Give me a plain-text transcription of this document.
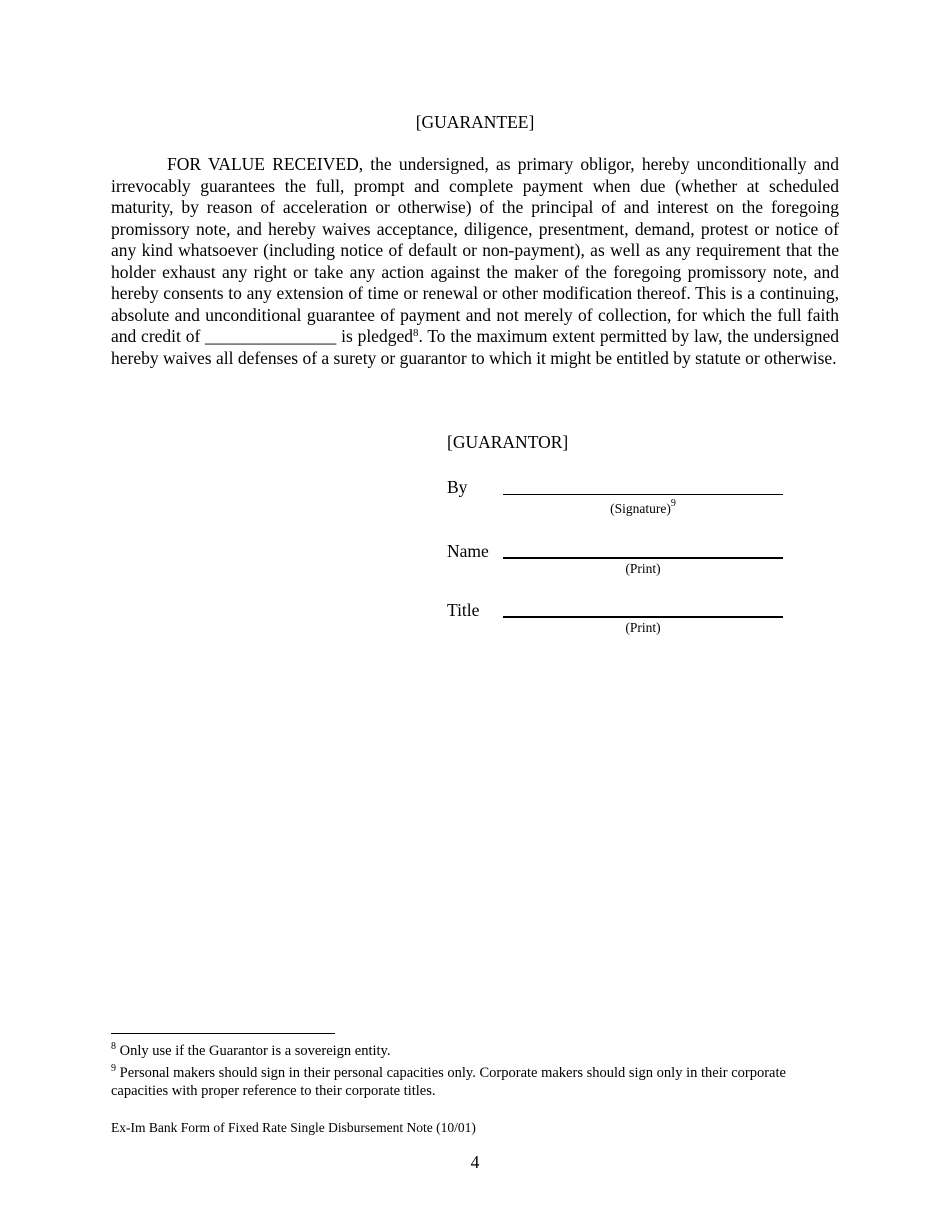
[GUARANTEE]

FOR VALUE RECEIVED, the undersigned, as primary obligor, hereby unconditionally and irrevocably guarantees the full, prompt and complete payment when due (whether at scheduled maturity, by reason of acceleration or otherwise) of the principal of and interest on the foregoing promissory note, and hereby waives acceptance, diligence, presentment, demand, protest or notice of any kind whatsoever (including notice of default or non-payment), as well as any requirement that the holder exhaust any right or take any action against the maker of the foregoing promissory note, and hereby consents to any extension of time or renewal or other modification thereof. This is a continuing, absolute and unconditional guarantee of payment and not merely of collection, for which the full faith and credit of _______________ is pledged$^8$. To the maximum extent permitted by law, the undersigned hereby waives all defenses of a surety or guarantor to which it might be entitled by statute or otherwise.

[GUARANTOR]
By
(Signature)$^9$
Name
(Print)
Title
(Print)
$^8$ Only use if the Guarantor is a sovereign entity.
$^9$ Personal makers should sign in their personal capacities only. Corporate makers should sign only in their corporate capacities with proper reference to their corporate titles.
Ex-Im Bank Form of Fixed Rate Single Disbursement Note (10/01)
4
